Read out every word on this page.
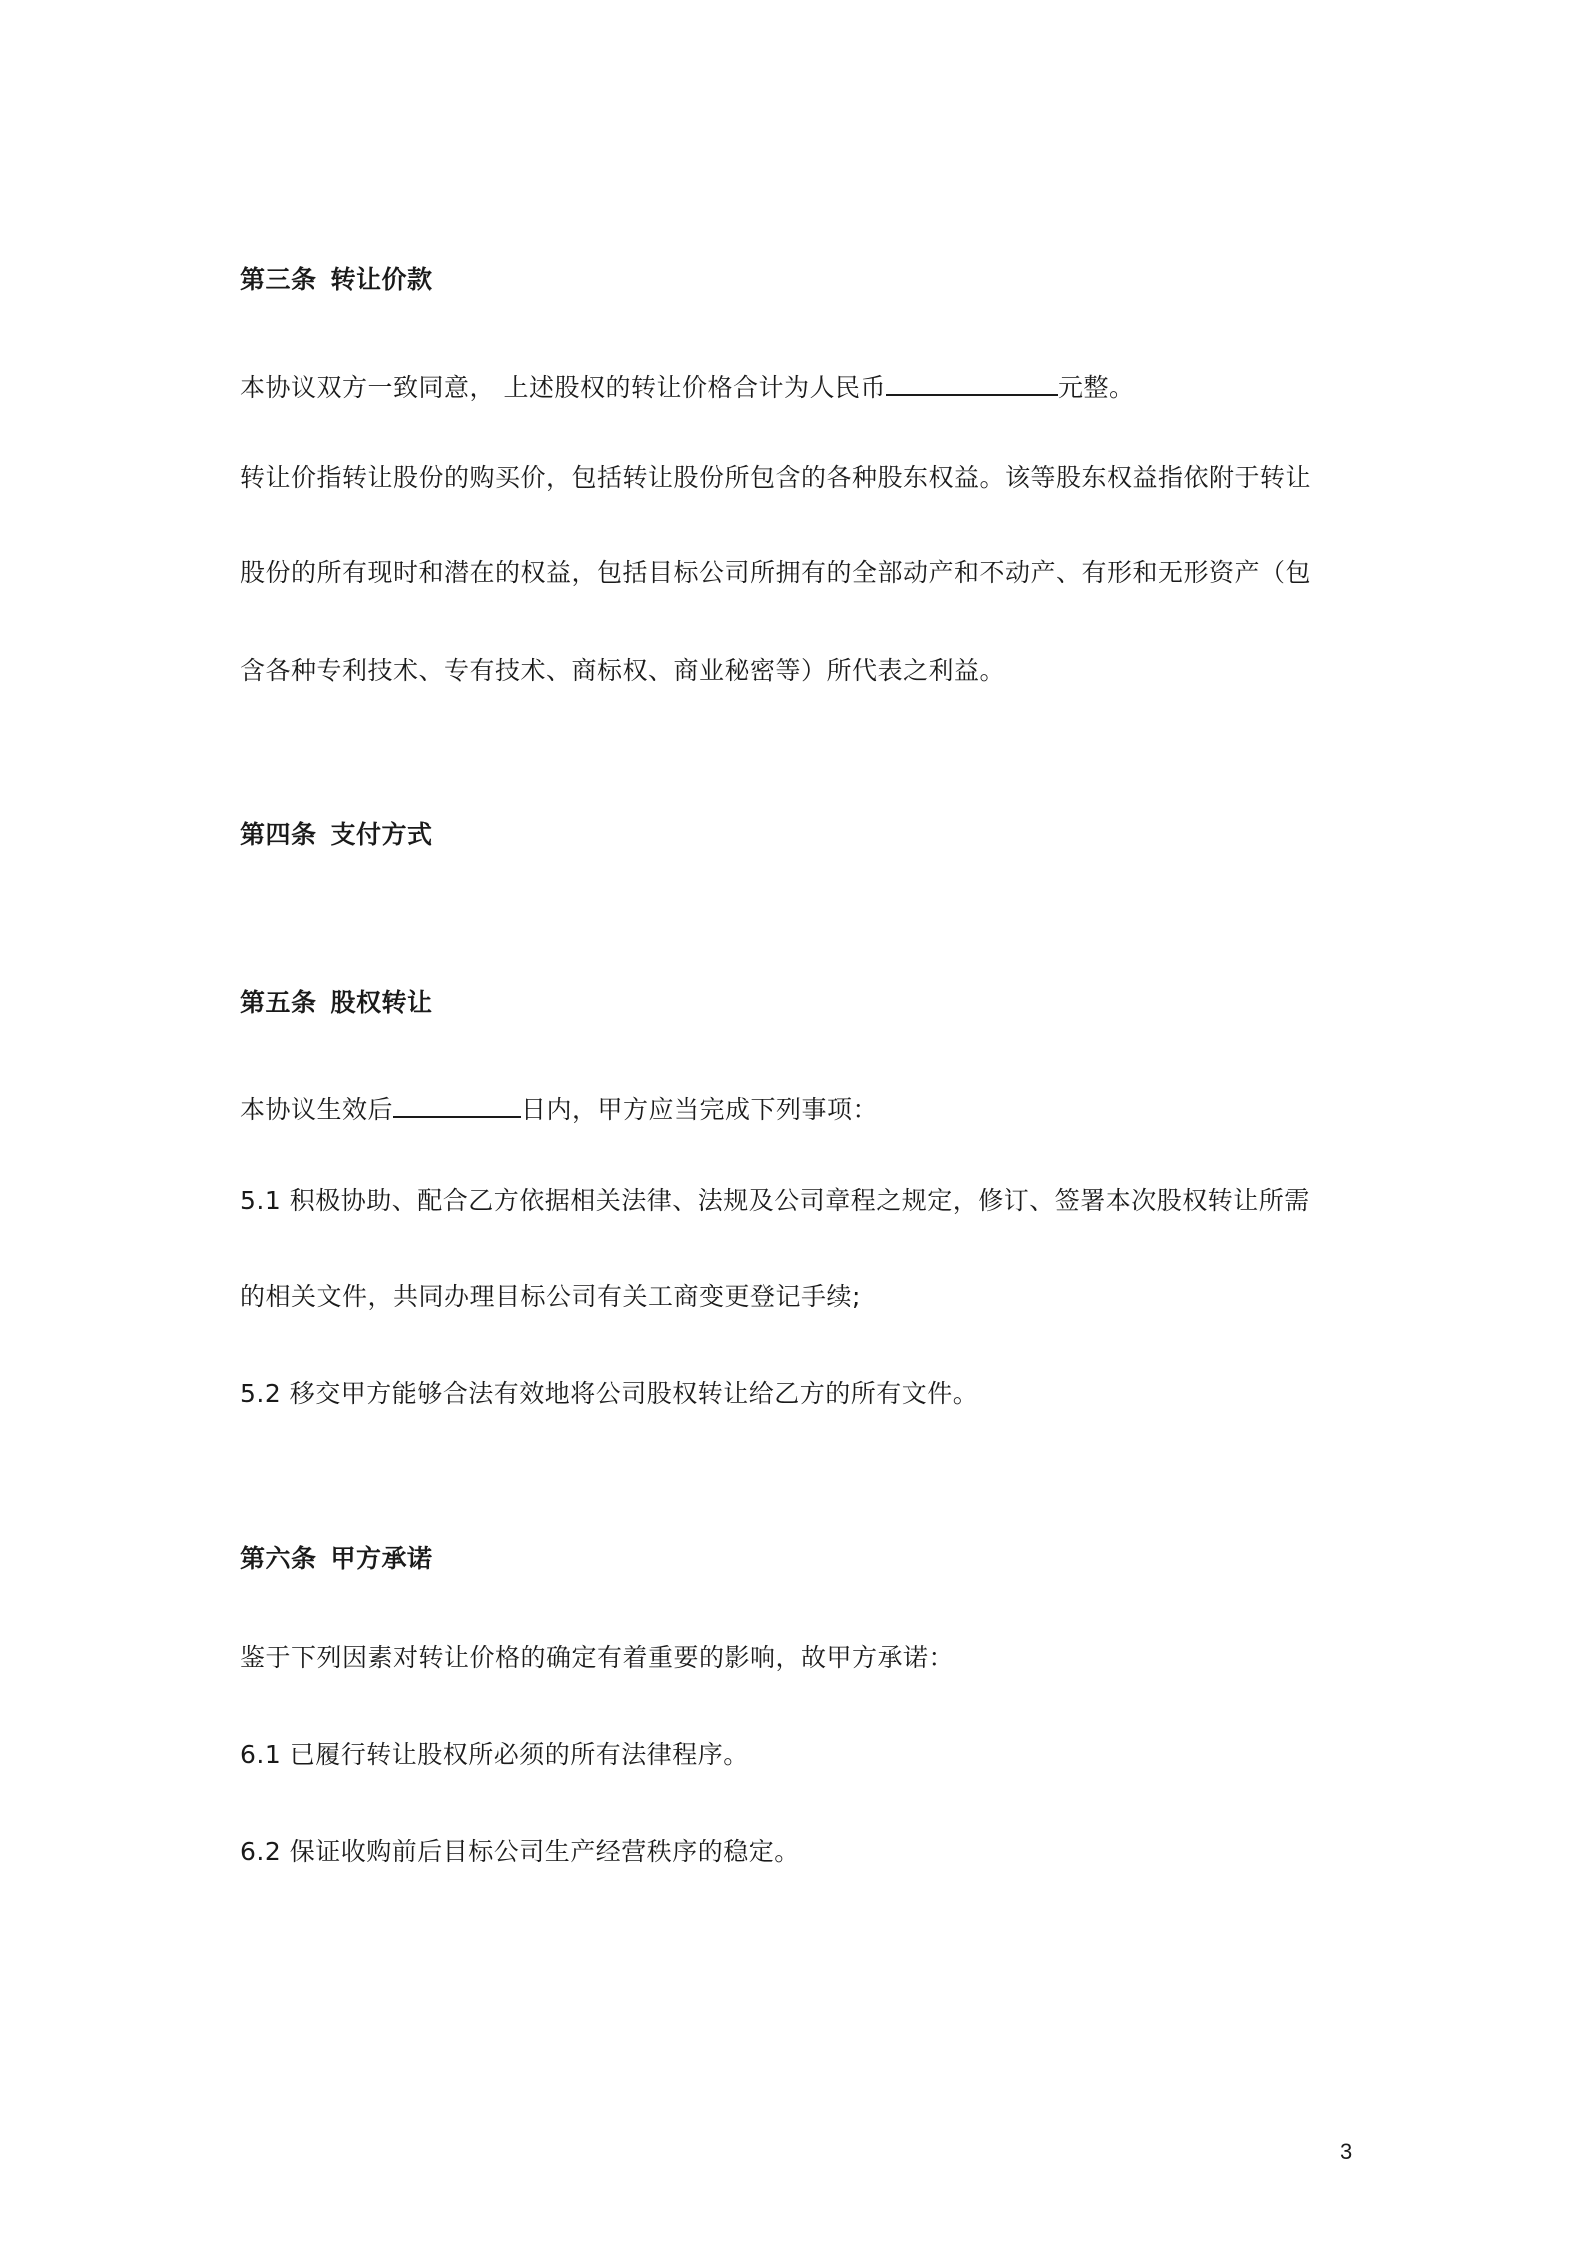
第三条 转让价款
本协议双方一致同意， 上述股权的转让价格合计为人民币	元整。
转让价指转让股份的购买价，包括转让股份所包含的各种股东权益。该等股东权益指依附于转让
股份的所有现时和潜在的权益，包括目标公司所拥有的全部动产和不动产、有形和无形资产（包
含各种专利技术、专有技术、商标权、商业秘密等）所代表之利益。
第四条 支付方式
第五条 股权转让
本协议生效后	日内，甲方应当完成下列事项：
5.1 积极协助、配合乙方依据相关法律、法规及公司章程之规定，修订、签署本次股权转让所需
的相关文件，共同办理目标公司有关工商变更登记手续;
5.2 移交甲方能够合法有效地将公司股权转让给乙方的所有文件。
第六条 甲方承诺
鉴于下列因素对转让价格的确定有着重要的影响，故甲方承诺：
6.1 已履行转让股权所必须的所有法律程序。
6.2 保证收购前后目标公司生产经营秩序的稳定。
3
